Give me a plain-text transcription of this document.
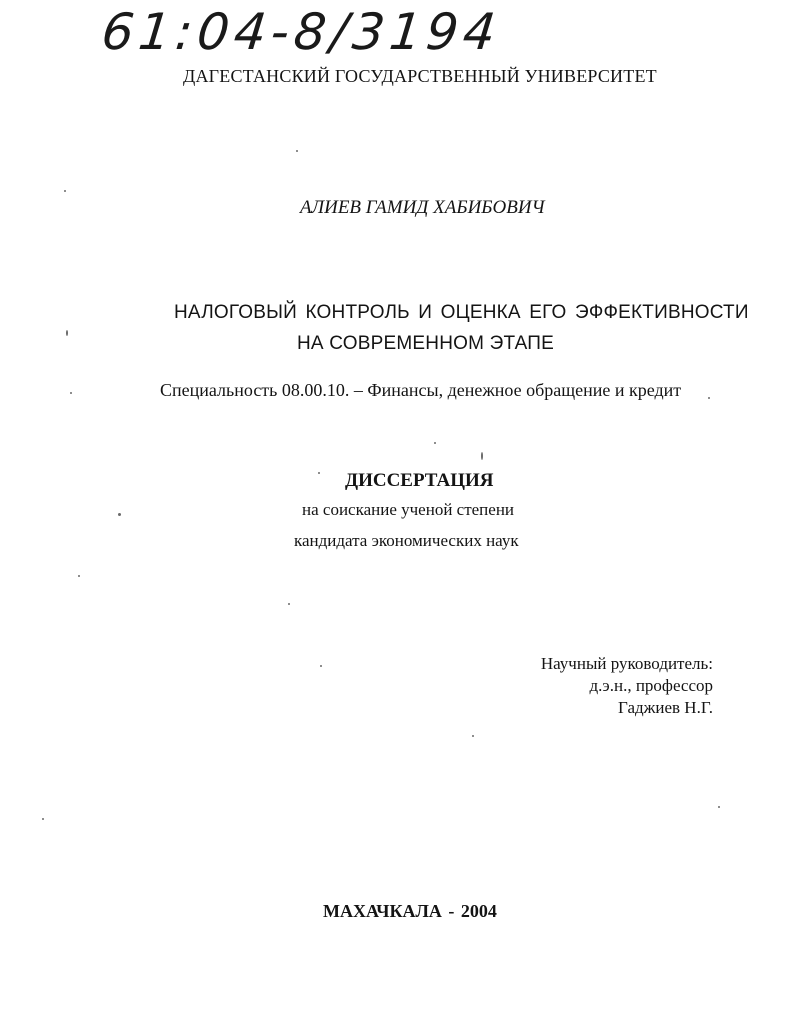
61:04-8/3194
ДАГЕСТАНСКИЙ ГОСУДАРСТВЕННЫЙ УНИВЕРСИТЕТ
АЛИЕВ ГАМИД ХАБИБОВИЧ
НАЛОГОВЫЙ КОНТРОЛЬ И ОЦЕНКА ЕГО ЭФФЕКТИВНОСТИ
НА СОВРЕМЕННОМ ЭТАПЕ
Специальность 08.00.10. – Финансы, денежное обращение и кредит
ДИССЕРТАЦИЯ
на соискание ученой степени
кандидата экономических наук
Научный руководитель:
д.э.н., профессор
Гаджиев Н.Г.
МАХАЧКАЛА - 2004
